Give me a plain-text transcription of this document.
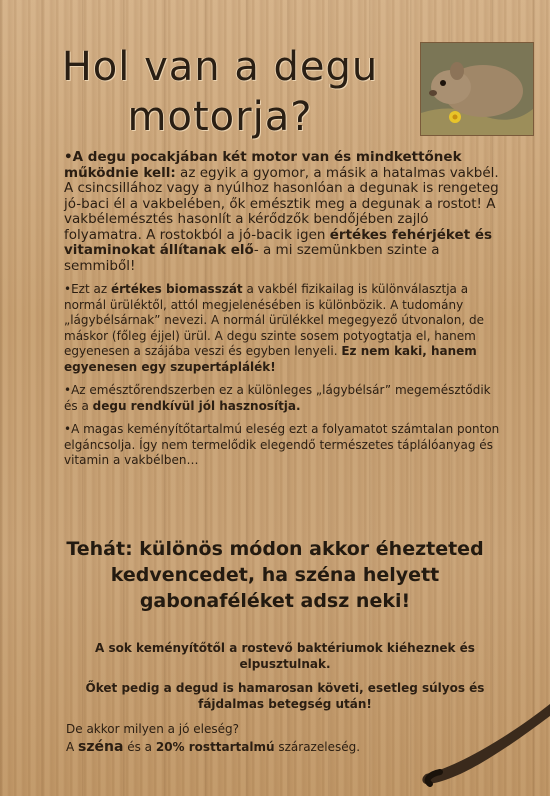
Hol van a degu motorja?

•A degu pocakjában két motor van és mindkettőnek működnie kell: az egyik a gyomor, a másik a hatalmas vakbél. A csincsillához vagy a nyúlhoz hasonlóan a degunak is rengeteg jó-baci él a vakbelében, ők emésztik meg a degunak a rostot! A vakbélemésztés hasonlít a kérődzők bendőjében zajló folyamatra. A rostokból a jó-bacik igen értékes fehérjéket és vitaminokat állítanak elő- a mi szemünkben szinte a semmiből!

•Ezt az értékes biomasszát a vakbél fizikailag is különválasztja a normál ürüléktől, attól megjelenésében is különbözik. A tudomány „lágybélsárnak” nevezi. A normál ürülékkel megegyező útvonalon, de máskor (főleg éjjel) ürül. A degu szinte sosem potyogtatja el, hanem egyenesen a szájába veszi és egyben lenyeli. Ez nem kaki, hanem egyenesen egy szupertáplálék!

•Az emésztőrendszerben ez a különleges „lágybélsár” megemésztődik és a degu rendkívül jól hasznosítja.

•A magas keményítőtartalmú eleség ezt a folyamatot számtalan ponton elgáncsolja. Így nem termelődik elegendő természetes táplálóanyag és vitamin a vakbélben…

Tehát: különös módon akkor éhezteted kedvencedet, ha széna helyett gabonaféléket adsz neki!

A sok keményítőtől a rostevő baktériumok kiéheznek és elpusztulnak.

Őket pedig a degud is hamarosan követi, esetleg súlyos és fájdalmas betegség után!

De akkor milyen a jó eleség?
A széna és a 20% rosttartalmú szárazeleség.
